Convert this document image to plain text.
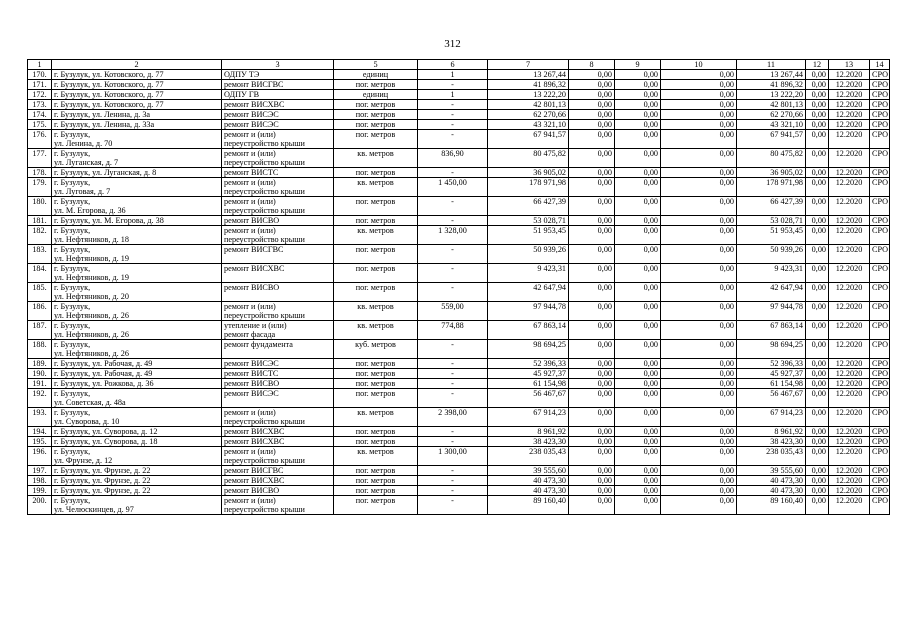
312
1	2	3	5	6	7	8	9	10	11	12	13	14
170.	г. Бузулук, ул. Котовского, д. 77	ОДПУ ТЭ	единиц	1	13 267,44	0,00	0,00	0,00	13 267,44	0,00	12.2020	СРО
171.	г. Бузулук, ул. Котовского, д. 77	ремонт ВИСГВС	пог. метров	-	41 896,32	0,00	0,00	0,00	41 896,32	0,00	12.2020	СРО
172.	г. Бузулук, ул. Котовского, д. 77	ОДПУ ГВ	единиц	1	13 222,20	0,00	0,00	0,00	13 222,20	0,00	12.2020	СРО
173.	г. Бузулук, ул. Котовского, д. 77	ремонт ВИСХВС	пог. метров	-	42 801,13	0,00	0,00	0,00	42 801,13	0,00	12.2020	СРО
174.	г. Бузулук, ул. Ленина, д. 3а	ремонт ВИСЭС	пог. метров	-	62 270,66	0,00	0,00	0,00	62 270,66	0,00	12.2020	СРО
175.	г. Бузулук, ул. Ленина, д. 33а	ремонт ВИСЭС	пог. метров	-	43 321,10	0,00	0,00	0,00	43 321,10	0,00	12.2020	СРО
176.	г. Бузулук,
ул. Ленина, д. 70	ремонт и (или)
переустройство крыши	пог. метров	-	67 941,57	0,00	0,00	0,00	67 941,57	0,00	12.2020	СРО
177.	г. Бузулук,
ул. Луганская, д. 7	ремонт и (или)
переустройство крыши	кв. метров	836,90	80 475,82	0,00	0,00	0,00	80 475,82	0,00	12.2020	СРО
178.	г. Бузулук, ул. Луганская, д. 8	ремонт ВИСТС	пог. метров	-	36 905,02	0,00	0,00	0,00	36 905,02	0,00	12.2020	СРО
179.	г. Бузулук,
ул. Луговая, д. 7	ремонт и (или)
переустройство крыши	кв. метров	1 450,00	178 971,98	0,00	0,00	0,00	178 971,98	0,00	12.2020	СРО
180.	г. Бузулук,
ул. М. Егорова, д. 36	ремонт и (или)
переустройство крыши	пог. метров	-	66 427,39	0,00	0,00	0,00	66 427,39	0,00	12.2020	СРО
181.	г. Бузулук, ул. М. Егорова, д. 38	ремонт ВИСВО	пог. метров	-	53 028,71	0,00	0,00	0,00	53 028,71	0,00	12.2020	СРО
182.	г. Бузулук,
ул. Нефтяников, д. 18	ремонт и (или)
переустройство крыши	кв. метров	1 328,00	51 953,45	0,00	0,00	0,00	51 953,45	0,00	12.2020	СРО
183.	г. Бузулук,
ул. Нефтяников, д. 19	ремонт ВИСГВС	пог. метров	-	50 939,26	0,00	0,00	0,00	50 939,26	0,00	12.2020	СРО
184.	г. Бузулук,
ул. Нефтяников, д. 19	ремонт ВИСХВС	пог. метров	-	9 423,31	0,00	0,00	0,00	9 423,31	0,00	12.2020	СРО
185.	г. Бузулук,
ул. Нефтяников, д. 20	ремонт ВИСВО	пог. метров	-	42 647,94	0,00	0,00	0,00	42 647,94	0,00	12.2020	СРО
186.	г. Бузулук,
ул. Нефтяников, д. 26	ремонт и (или)
переустройство крыши	кв. метров	559,00	97 944,78	0,00	0,00	0,00	97 944,78	0,00	12.2020	СРО
187.	г. Бузулук,
ул. Нефтяников, д. 26	утепление и (или)
ремонт фасада	кв. метров	774,88	67 863,14	0,00	0,00	0,00	67 863,14	0,00	12.2020	СРО
188.	г. Бузулук,
ул. Нефтяников, д. 26	ремонт фундамента	куб. метров	-	98 694,25	0,00	0,00	0,00	98 694,25	0,00	12.2020	СРО
189.	г. Бузулук, ул. Рабочая, д. 49	ремонт ВИСЭС	пог. метров	-	52 396,33	0,00	0,00	0,00	52 396,33	0,00	12.2020	СРО
190.	г. Бузулук, ул. Рабочая, д. 49	ремонт ВИСТС	пог. метров	-	45 927,37	0,00	0,00	0,00	45 927,37	0,00	12.2020	СРО
191.	г. Бузулук, ул. Рожкова, д. 36	ремонт ВИСВО	пог. метров	-	61 154,98	0,00	0,00	0,00	61 154,98	0,00	12.2020	СРО
192.	г. Бузулук,
ул. Советская, д. 48а	ремонт ВИСЭС	пог. метров	-	56 467,67	0,00	0,00	0,00	56 467,67	0,00	12.2020	СРО
193.	г. Бузулук,
ул. Суворова, д. 10	ремонт и (или)
переустройство крыши	кв. метров	2 398,00	67 914,23	0,00	0,00	0,00	67 914,23	0,00	12.2020	СРО
194.	г. Бузулук, ул. Суворова, д. 12	ремонт ВИСХВС	пог. метров	-	8 961,92	0,00	0,00	0,00	8 961,92	0,00	12.2020	СРО
195.	г. Бузулук, ул. Суворова, д. 18	ремонт ВИСХВС	пог. метров	-	38 423,30	0,00	0,00	0,00	38 423,30	0,00	12.2020	СРО
196.	г. Бузулук,
ул. Фрунзе, д. 12	ремонт и (или)
переустройство крыши	кв. метров	1 300,00	238 035,43	0,00	0,00	0,00	238 035,43	0,00	12.2020	СРО
197.	г. Бузулук, ул. Фрунзе, д. 22	ремонт ВИСГВС	пог. метров	-	39 555,60	0,00	0,00	0,00	39 555,60	0,00	12.2020	СРО
198.	г. Бузулук, ул. Фрунзе, д. 22	ремонт ВИСХВС	пог. метров	-	40 473,30	0,00	0,00	0,00	40 473,30	0,00	12.2020	СРО
199.	г. Бузулук, ул. Фрунзе, д. 22	ремонт ВИСВО	пог. метров	-	40 473,30	0,00	0,00	0,00	40 473,30	0,00	12.2020	СРО
200.	г. Бузулук,
ул. Челюскинцев, д. 97	ремонт и (или)
переустройство крыши	пог. метров	-	89 160,40	0,00	0,00	0,00	89 160,40	0,00	12.2020	СРО
